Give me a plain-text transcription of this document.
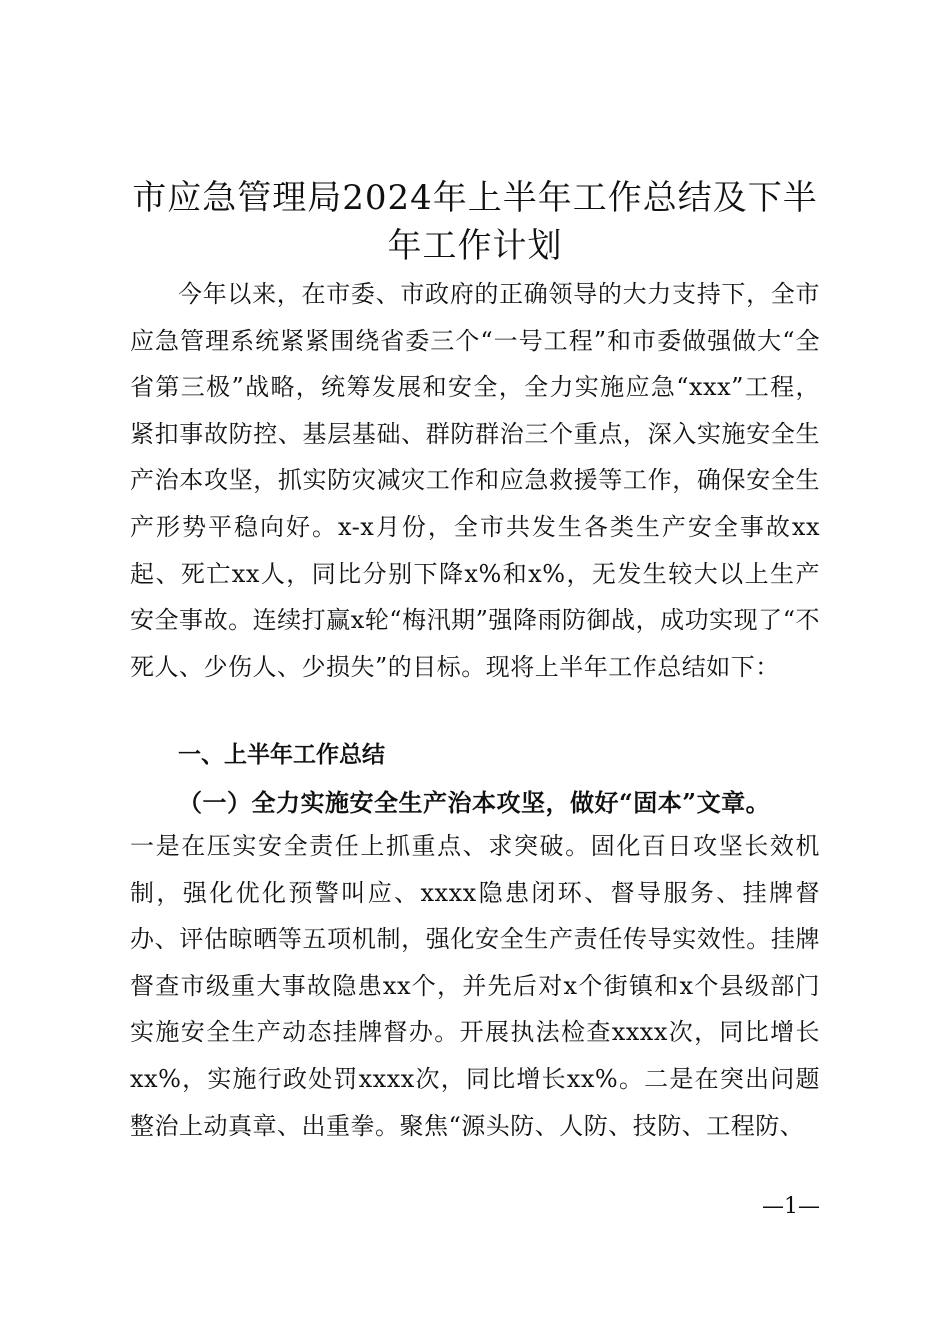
市应急管理局2024年上半年工作总结及下半
年工作计划
今年以来，在市委、市政府的正确领导的大力支持下，全市应急管理系统紧紧围绕省委三个“一号工程”和市委做强做大“全省第三极”战略，统筹发展和安全，全力实施应急“xxx”工程，紧扣事故防控、基层基础、群防群治三个重点，深入实施安全生产治本攻坚，抓实防灾减灾工作和应急救援等工作，确保安全生产形势平稳向好。x-x月份，全市共发生各类生产安全事故xx起、死亡xx人，同比分别下降x%和x%，无发生较大以上生产安全事故。连续打赢x轮“梅汛期”强降雨防御战，成功实现了“不死人、少伤人、少损失”的目标。现将上半年工作总结如下：
一、上半年工作总结
（一）全力实施安全生产治本攻坚，做好“固本”文章。
一是在压实安全责任上抓重点、求突破。固化百日攻坚长效机制，强化优化预警叫应、xxxx隐患闭环、督导服务、挂牌督办、评估晾晒等五项机制，强化安全生产责任传导实效性。挂牌督查市级重大事故隐患xx个，并先后对x个街镇和x个县级部门实施安全生产动态挂牌督办。开展执法检查xxxx次，同比增长xx%，实施行政处罚xxxx次，同比增长xx%。二是在突出问题整治上动真章、出重拳。聚焦“源头防、人防、技防、工程防、
—1—
